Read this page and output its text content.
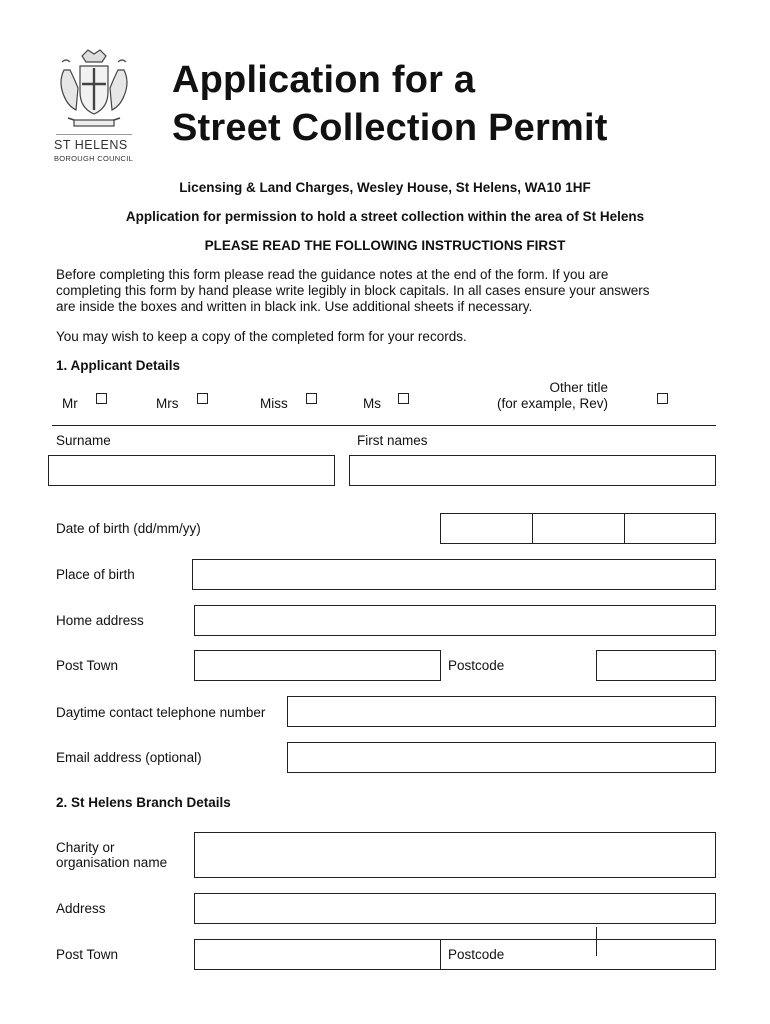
ST HELENS
BOROUGH COUNCIL
Application for a
Street Collection Permit
Licensing & Land Charges, Wesley House, St Helens, WA10 1HF
Application for permission to hold a street collection within the area of St Helens
PLEASE READ THE FOLLOWING INSTRUCTIONS FIRST
Before completing this form please read the guidance notes at the end of the form. If you are
completing this form by hand please write legibly in block capitals. In all cases ensure your answers
are inside the boxes and written in black ink. Use additional sheets if necessary.
You may wish to keep a copy of the completed form for your records.
1. Applicant Details
Mr	Mrs	Miss	Ms
Other title
(for example, Rev)
Surname	First names
Date of birth (dd/mm/yy)
Place of birth
Home address
Post Town	Postcode
Daytime contact telephone number
Email address (optional)
2. St Helens Branch Details
Charity or
organisation name
Address
Post Town	Postcode
